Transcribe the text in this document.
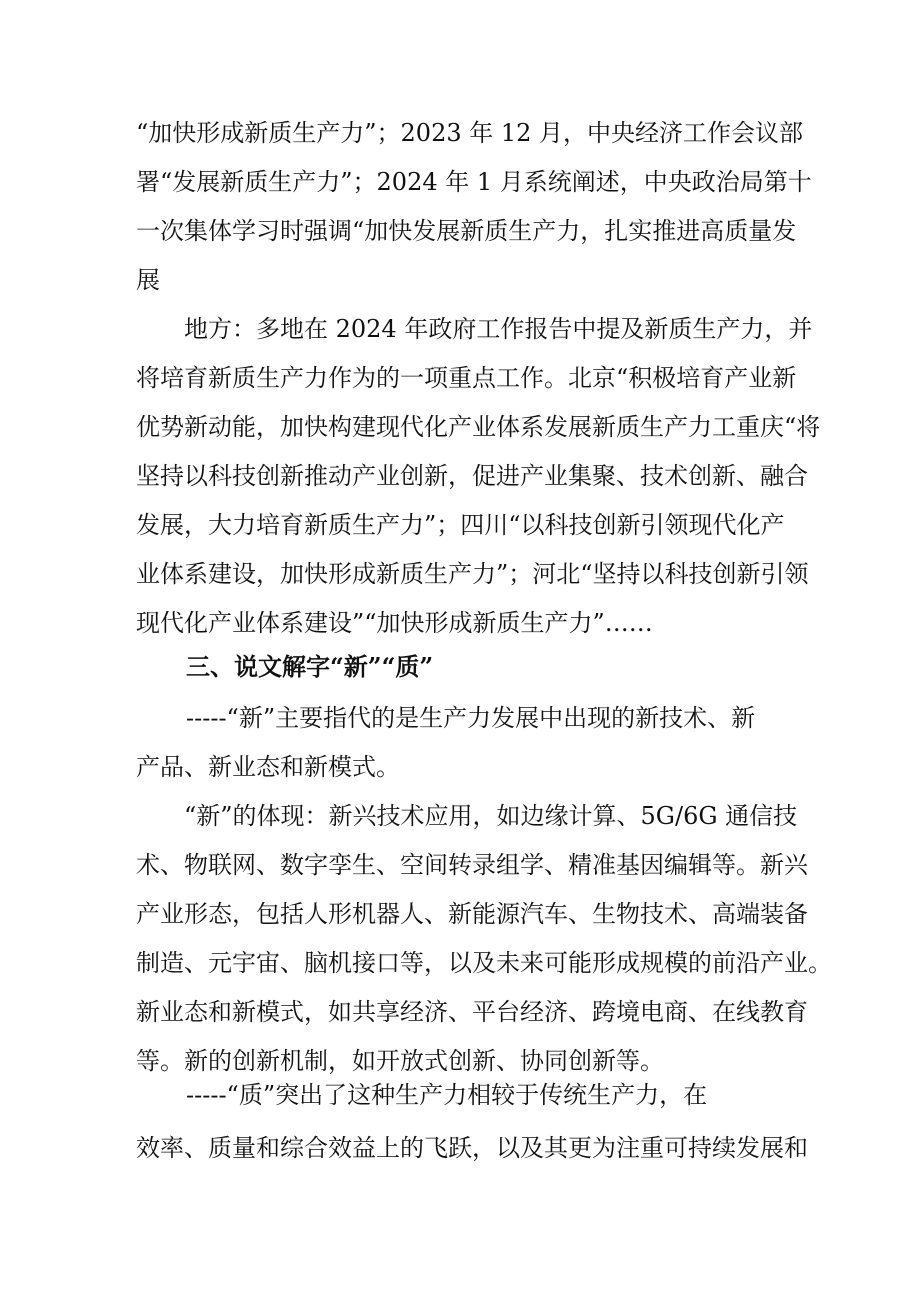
“加快形成新质生产力”；2023 年 12 月，中央经济工作会议部
署“发展新质生产力”；2024 年 1 月系统阐述，中央政治局第十
一次集体学习时强调“加快发展新质生产力，扎实推进高质量发
展
地方：多地在 2024 年政府工作报告中提及新质生产力，并
将培育新质生产力作为的一项重点工作。北京“积极培育产业新
优势新动能，加快构建现代化产业体系发展新质生产力工重庆“将
坚持以科技创新推动产业创新，促进产业集聚、技术创新、融合
发展，大力培育新质生产力”；四川“以科技创新引领现代化产
业体系建设，加快形成新质生产力”；河北“坚持以科技创新引领
现代化产业体系建设”“加快形成新质生产力”……
三、说文解字“新”“质”
-----“新”主要指代的是生产力发展中出现的新技术、新
产品、新业态和新模式。
“新”的体现：新兴技术应用，如边缘计算、5G/6G 通信技
术、物联网、数字孪生、空间转录组学、精准基因编辑等。新兴
产业形态，包括人形机器人、新能源汽车、生物技术、高端装备
制造、元宇宙、脑机接口等，以及未来可能形成规模的前沿产业。
新业态和新模式，如共享经济、平台经济、跨境电商、在线教育
等。新的创新机制，如开放式创新、协同创新等。
-----“质”突出了这种生产力相较于传统生产力，在
效率、质量和综合效益上的飞跃，以及其更为注重可持续发展和
